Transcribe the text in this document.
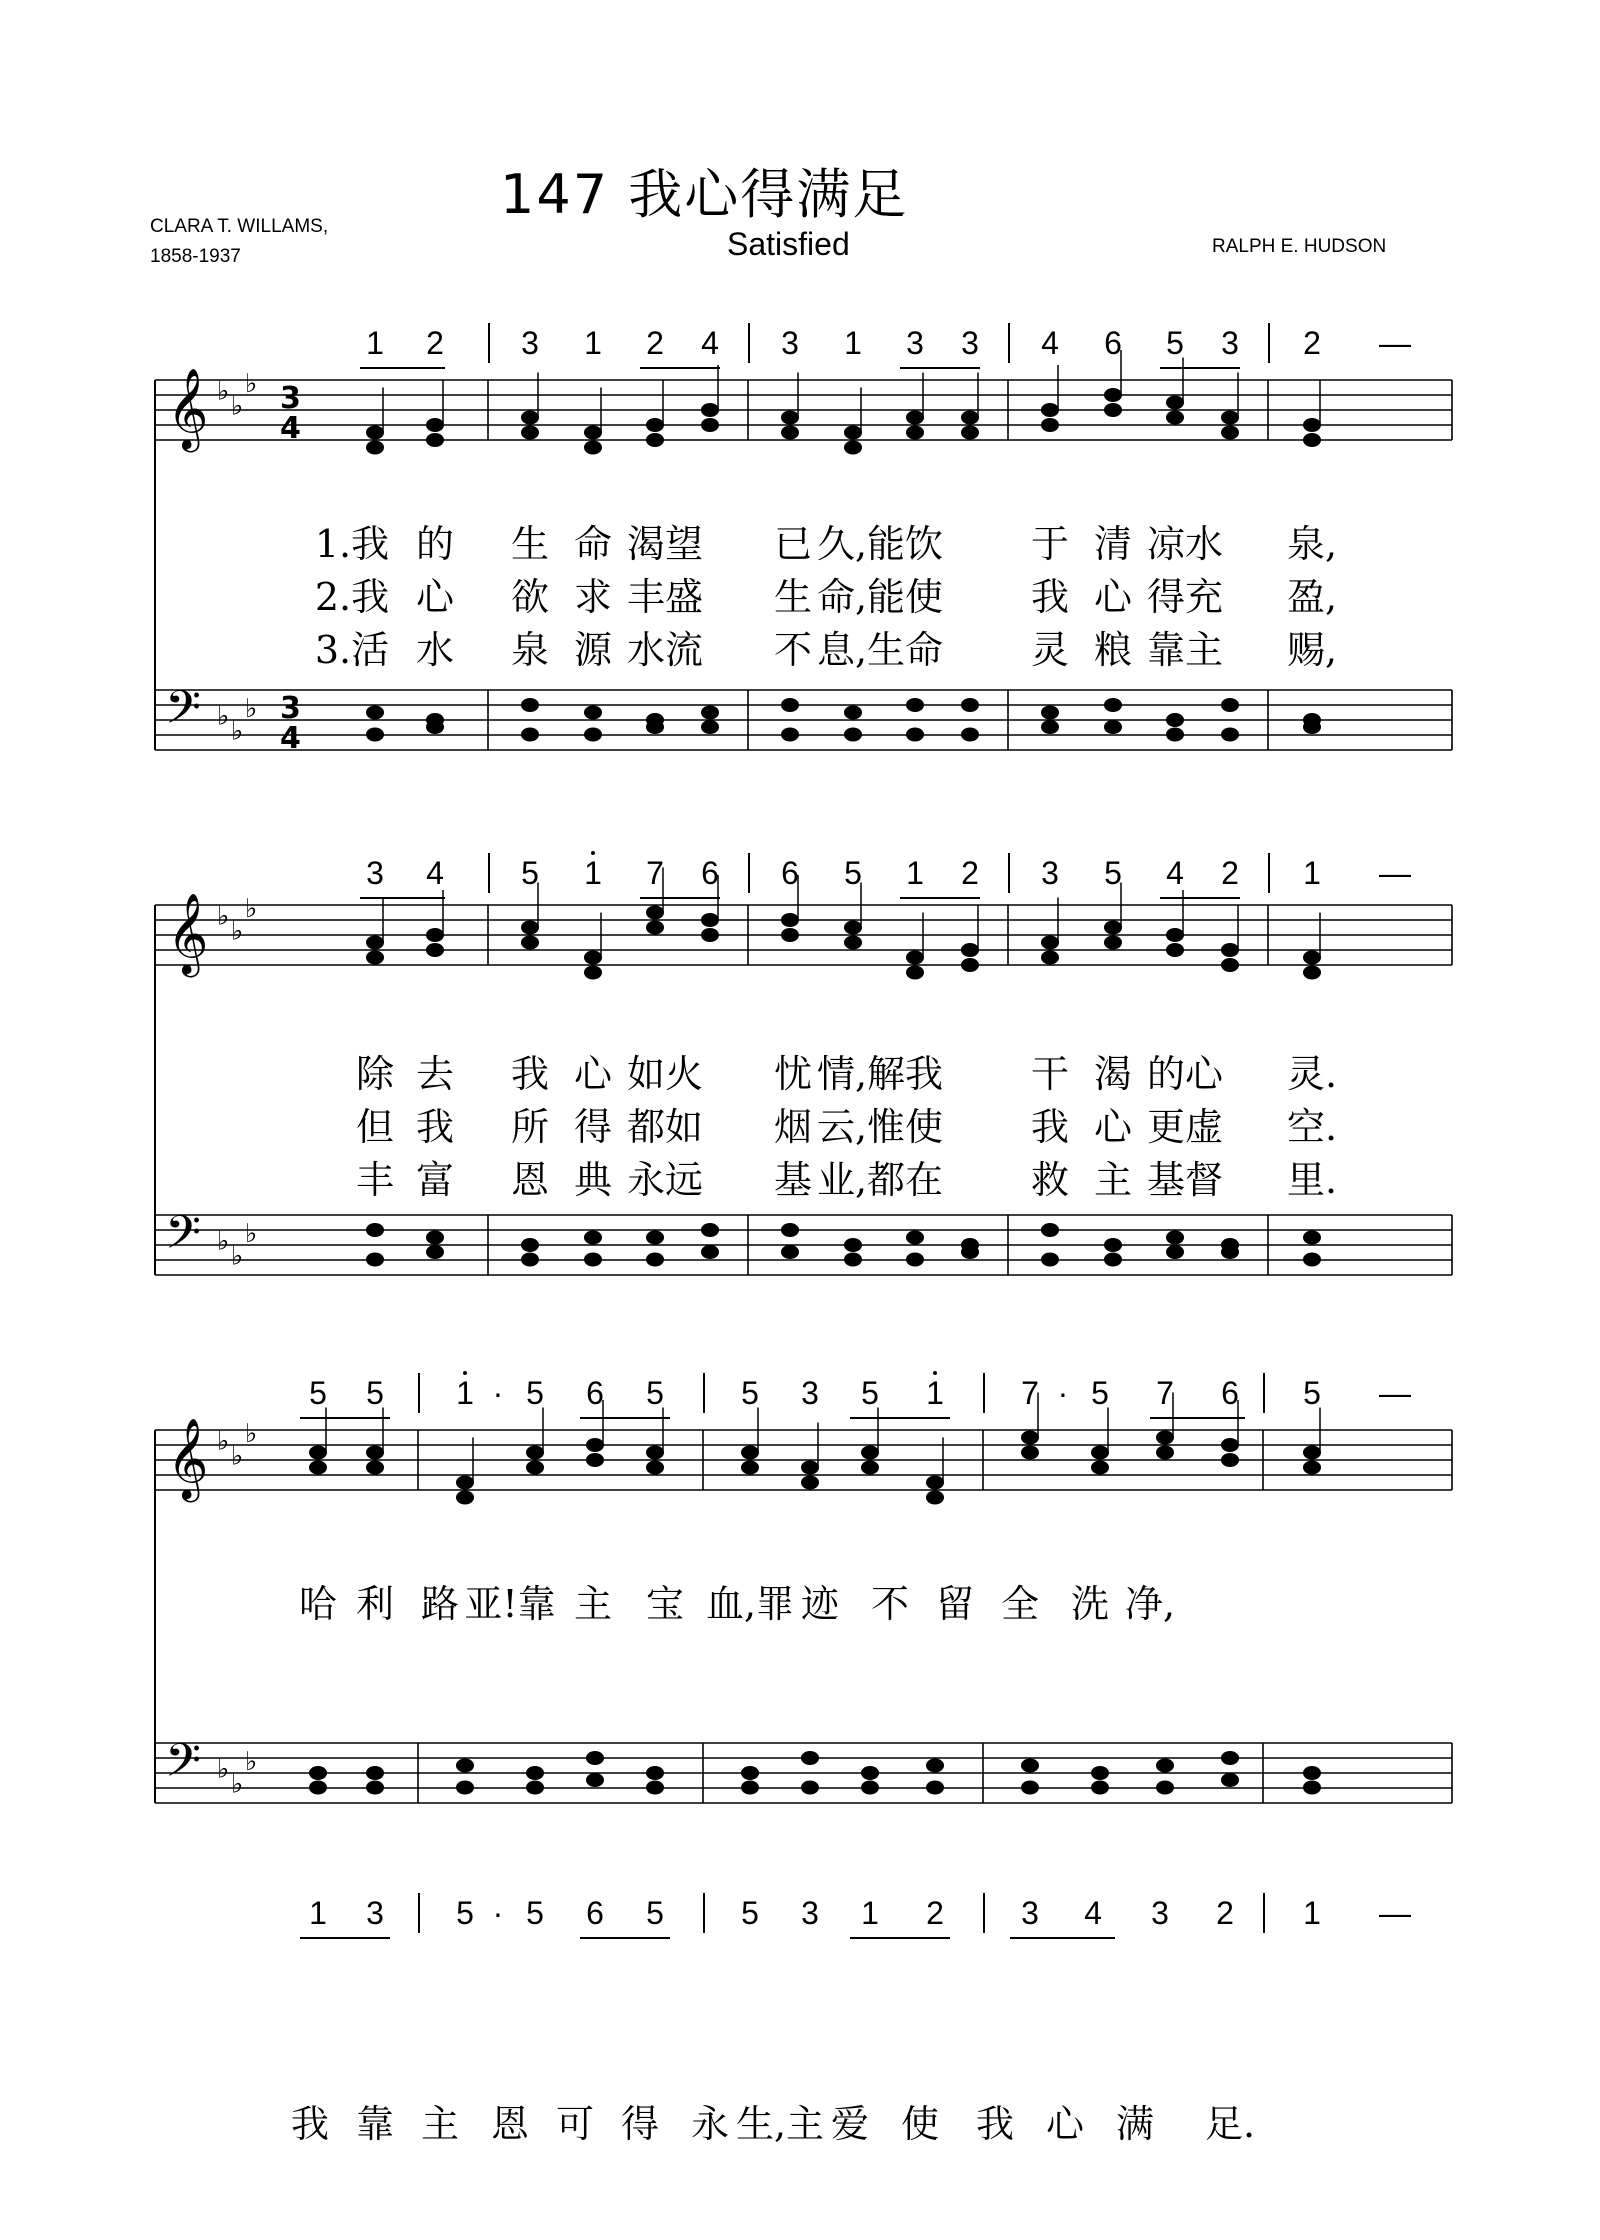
147 我心得满足
Satisfied
CLARA T. WILLAMS,
1858-1937	RALPH E. HUDSON
𝄞
𝄢
♭
♭
♭
♭
♭
♭
3
4
3
4
1 2 3 1 2 4 3 1 3 3 4 6 5 3 2 —
1.我 的 生 命 渴望 已 久,能饮 于 清 凉水 泉,
2.我 心 欲 求 丰盛 生 命,能使 我 心 得充 盈,
3.活 水 泉 源 水流 不 息,生命 灵 粮 靠主 赐,
𝄞
𝄢
♭
♭
♭
♭
♭
♭
3 4 5 1 7 6 6 5 1 2 3 5 4 2 1 —
除 去 我 心 如火 忧 情,解我 干 渴 的心 灵.
但 我 所 得 都如 烟 云,惟使 我 心 更虚 空.
丰 富 恩 典 永远 基 业,都在 救 主 基督 里.
𝄞
𝄢
♭
♭
♭
♭
♭
♭
5 5 1 · 5 6 5 5 3 5 1 7 · 5 7 6 5 —
哈 利 路 亚!靠 主 宝 血,罪 迹 不 留 全 洗 净,
1 3 5 · 5 6 5 5 3 1 2 3 4 3 2 1 —
我 靠 主 恩 可 得 永 生,主 爱 使 我 心 满 足.
